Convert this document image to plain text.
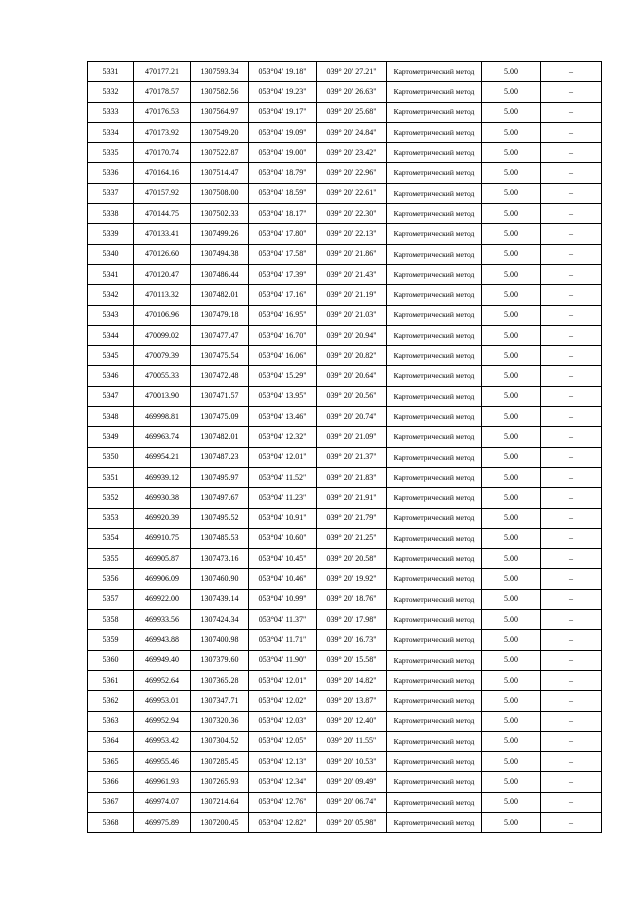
5331	470177.21	1307593.34	053°04' 19.18"	039° 20' 27.21"	Картометрический метод	5.00	–
5332	470178.57	1307582.56	053°04' 19.23"	039° 20' 26.63"	Картометрический метод	5.00	–
5333	470176.53	1307564.97	053°04' 19.17"	039° 20' 25.68"	Картометрический метод	5.00	–
5334	470173.92	1307549.20	053°04' 19.09"	039° 20' 24.84"	Картометрический метод	5.00	–
5335	470170.74	1307522.87	053°04' 19.00"	039° 20' 23.42"	Картометрический метод	5.00	–
5336	470164.16	1307514.47	053°04' 18.79"	039° 20' 22.96"	Картометрический метод	5.00	–
5337	470157.92	1307508.00	053°04' 18.59"	039° 20' 22.61"	Картометрический метод	5.00	–
5338	470144.75	1307502.33	053°04' 18.17"	039° 20' 22.30"	Картометрический метод	5.00	–
5339	470133.41	1307499.26	053°04' 17.80"	039° 20' 22.13"	Картометрический метод	5.00	–
5340	470126.60	1307494.38	053°04' 17.58"	039° 20' 21.86"	Картометрический метод	5.00	–
5341	470120.47	1307486.44	053°04' 17.39"	039° 20' 21.43"	Картометрический метод	5.00	–
5342	470113.32	1307482.01	053°04' 17.16"	039° 20' 21.19"	Картометрический метод	5.00	–
5343	470106.96	1307479.18	053°04' 16.95"	039° 20' 21.03"	Картометрический метод	5.00	–
5344	470099.02	1307477.47	053°04' 16.70"	039° 20' 20.94"	Картометрический метод	5.00	–
5345	470079.39	1307475.54	053°04' 16.06"	039° 20' 20.82"	Картометрический метод	5.00	–
5346	470055.33	1307472.48	053°04' 15.29"	039° 20' 20.64"	Картометрический метод	5.00	–
5347	470013.90	1307471.57	053°04' 13.95"	039° 20' 20.56"	Картометрический метод	5.00	–
5348	469998.81	1307475.09	053°04' 13.46"	039° 20' 20.74"	Картометрический метод	5.00	–
5349	469963.74	1307482.01	053°04' 12.32"	039° 20' 21.09"	Картометрический метод	5.00	–
5350	469954.21	1307487.23	053°04' 12.01"	039° 20' 21.37"	Картометрический метод	5.00	–
5351	469939.12	1307495.97	053°04' 11.52"	039° 20' 21.83"	Картометрический метод	5.00	–
5352	469930.38	1307497.67	053°04' 11.23"	039° 20' 21.91"	Картометрический метод	5.00	–
5353	469920.39	1307495.52	053°04' 10.91"	039° 20' 21.79"	Картометрический метод	5.00	–
5354	469910.75	1307485.53	053°04' 10.60"	039° 20' 21.25"	Картометрический метод	5.00	–
5355	469905.87	1307473.16	053°04' 10.45"	039° 20' 20.58"	Картометрический метод	5.00	–
5356	469906.09	1307460.90	053°04' 10.46"	039° 20' 19.92"	Картометрический метод	5.00	–
5357	469922.00	1307439.14	053°04' 10.99"	039° 20' 18.76"	Картометрический метод	5.00	–
5358	469933.56	1307424.34	053°04' 11.37"	039° 20' 17.98"	Картометрический метод	5.00	–
5359	469943.88	1307400.98	053°04' 11.71"	039° 20' 16.73"	Картометрический метод	5.00	–
5360	469949.40	1307379.60	053°04' 11.90"	039° 20' 15.58"	Картометрический метод	5.00	–
5361	469952.64	1307365.28	053°04' 12.01"	039° 20' 14.82"	Картометрический метод	5.00	–
5362	469953.01	1307347.71	053°04' 12.02"	039° 20' 13.87"	Картометрический метод	5.00	–
5363	469952.94	1307320.36	053°04' 12.03"	039° 20' 12.40"	Картометрический метод	5.00	–
5364	469953.42	1307304.52	053°04' 12.05"	039° 20' 11.55"	Картометрический метод	5.00	–
5365	469955.46	1307285.45	053°04' 12.13"	039° 20' 10.53"	Картометрический метод	5.00	–
5366	469961.93	1307265.93	053°04' 12.34"	039° 20' 09.49"	Картометрический метод	5.00	–
5367	469974.07	1307214.64	053°04' 12.76"	039° 20' 06.74"	Картометрический метод	5.00	–
5368	469975.89	1307200.45	053°04' 12.82"	039° 20' 05.98"	Картометрический метод	5.00	–
